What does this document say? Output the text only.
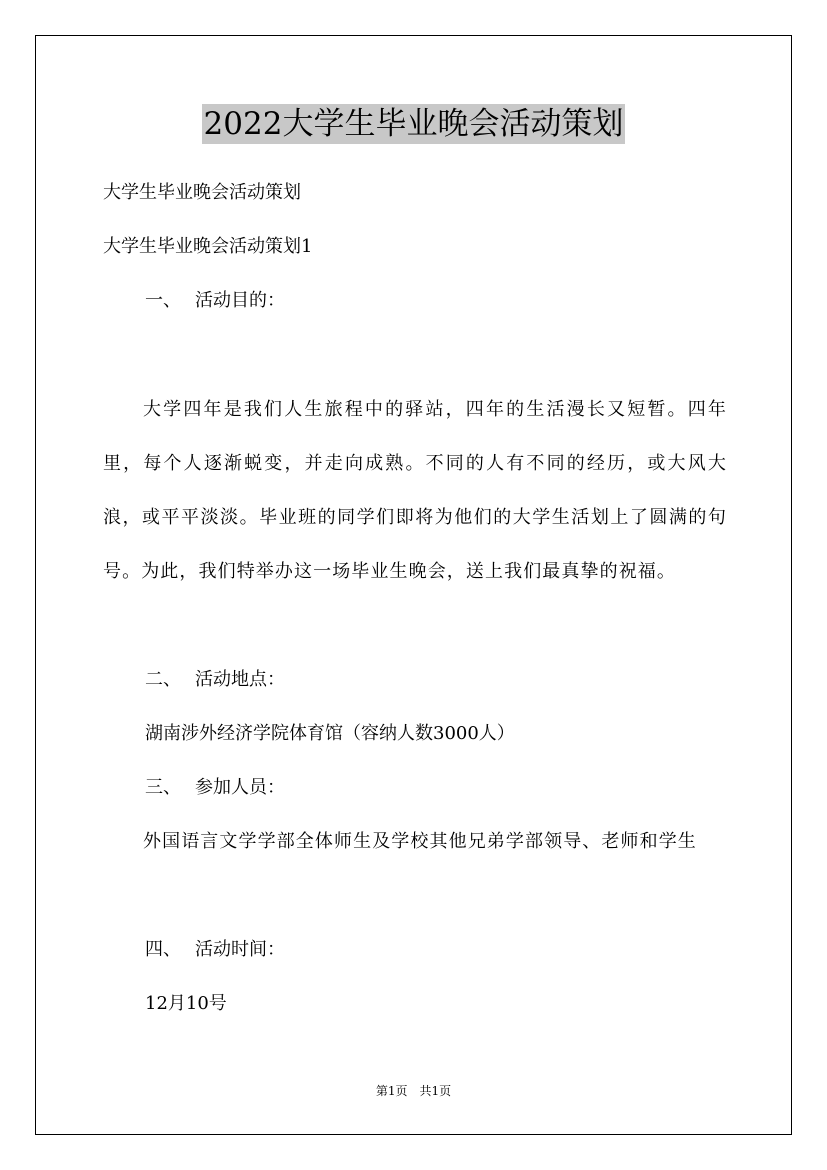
2022大学生毕业晚会活动策划
大学生毕业晚会活动策划
大学生毕业晚会活动策划1
一、 活动目的：
大学四年是我们人生旅程中的驿站，四年的生活漫长又短暂。四年里，每个人逐渐蜕变，并走向成熟。不同的人有不同的经历，或大风大浪，或平平淡淡。毕业班的同学们即将为他们的大学生活划上了圆满的句号。为此，我们特举办这一场毕业生晚会，送上我们最真挚的祝福。
二、 活动地点：
湖南涉外经济学院体育馆（容纳人数3000人）
三、 参加人员：
外国语言文学学部全体师生及学校其他兄弟学部领导、老师和学生
四、 活动时间：
12月10号
第1页 共1页
